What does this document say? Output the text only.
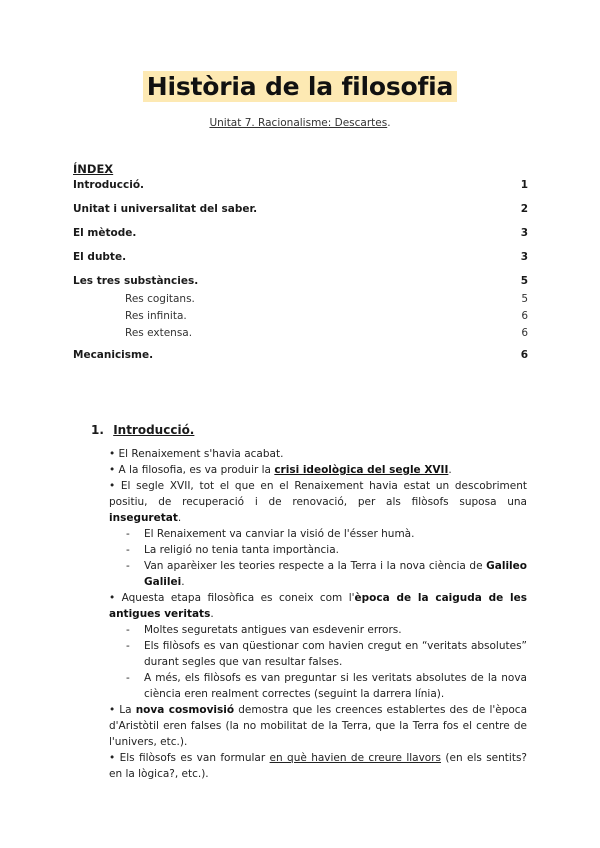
Història de la filosofia
Unitat 7. Racionalisme: Descartes.
ÍNDEX
Introducció.	1
Unitat i universalitat del saber.	2
El mètode.	3
El dubte.	3
Les tres substàncies.	5
Res cogitans.	5
Res infinita.	6
Res extensa.	6
Mecanicisme.	6
1. Introducció.

• El Renaixement s'havia acabat.

• A la filosofia, es va produir la crisi ideològica del segle XVII.

• El segle XVII, tot el que en el Renaixement havia estat un descobriment positiu, de recuperació i de renovació, per als filòsofs suposa una inseguretat.

- El Renaixement va canviar la visió de l'ésser humà.

- La religió no tenia tanta importància.

- Van aparèixer les teories respecte a la Terra i la nova ciència de Galileo Galilei.

• Aquesta etapa filosòfica es coneix com l'època de la caiguda de les antigues veritats.

- Moltes seguretats antigues van esdevenir errors.

- Els filòsofs es van qüestionar com havien cregut en “veritats absolutes” durant segles que van resultar falses.

- A més, els filòsofs es van preguntar si les veritats absolutes de la nova ciència eren realment correctes (seguint la darrera línia).

• La nova cosmovisió demostra que les creences establertes des de l'època d'Aristòtil eren falses (la no mobilitat de la Terra, que la Terra fos el centre de l'univers, etc.).

• Els filòsofs es van formular en què havien de creure llavors (en els sentits? en la lògica?, etc.).
